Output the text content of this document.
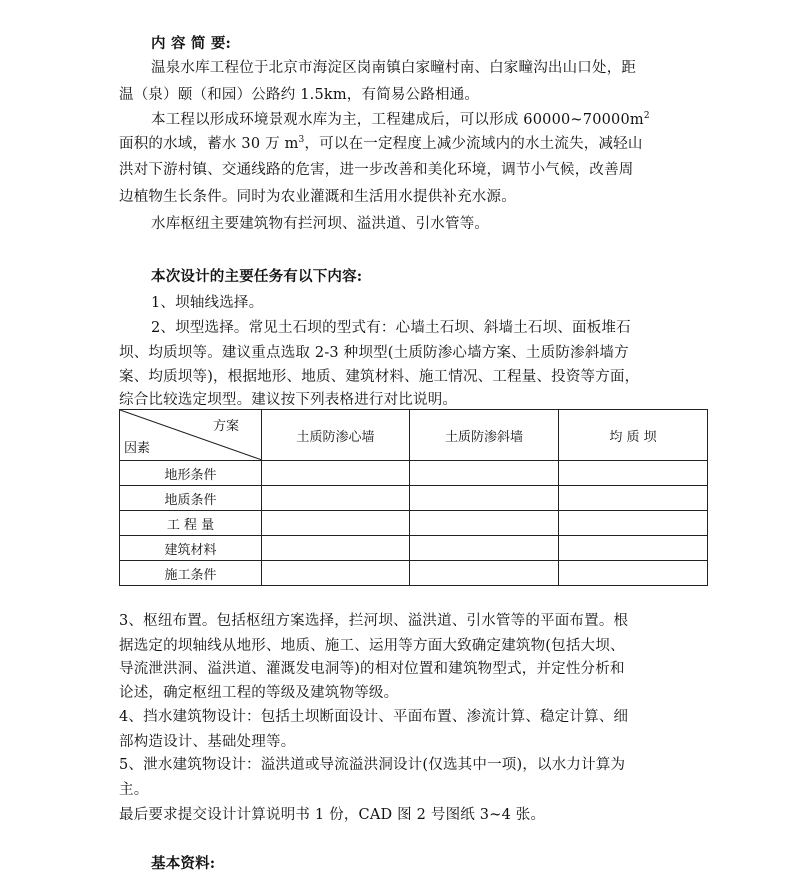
内 容 简 要:
温泉水库工程位于北京市海淀区岗南镇白家疃村南、白家疃沟出山口处，距
温（泉）颐（和园）公路约 1.5km，有简易公路相通。
本工程以形成环境景观水库为主，工程建成后，可以形成 $60000\sim 70000m^2$
面积的水域，蓄水 30 万 $m^3$，可以在一定程度上减少流域内的水土流失，减轻山
洪对下游村镇、交通线路的危害，进一步改善和美化环境，调节小气候，改善周
边植物生长条件。同时为农业灌溉和生活用水提供补充水源。
水库枢纽主要建筑物有拦河坝、溢洪道、引水管等。
本次设计的主要任务有以下内容:
1、坝轴线选择。
2、坝型选择。常见土石坝的型式有：心墙土石坝、斜墙土石坝、面板堆石
坝、均质坝等。建议重点选取 2-3 种坝型(土质防渗心墙方案、土质防渗斜墙方
案、均质坝等)，根据地形、地质、建筑材料、施工情况、工程量、投资等方面，
综合比较选定坝型。建议按下列表格进行对比说明。
方案
因素	土质防渗心墙	土质防渗斜墙	均 质 坝
地形条件			
地质条件			
工 程 量			
建筑材料			
施工条件			
3、枢纽布置。包括枢纽方案选择，拦河坝、溢洪道、引水管等的平面布置。根
据选定的坝轴线从地形、地质、施工、运用等方面大致确定建筑物(包括大坝、
导流泄洪洞、溢洪道、灌溉发电洞等)的相对位置和建筑物型式，并定性分析和
论述，确定枢纽工程的等级及建筑物等级。
4、挡水建筑物设计：包括土坝断面设计、平面布置、渗流计算、稳定计算、细
部构造设计、基础处理等。
5、泄水建筑物设计：溢洪道或导流溢洪洞设计(仅选其中一项)，以水力计算为
主。
最后要求提交设计计算说明书 1 份，CAD 图 2 号图纸 3~4 张。
基本资料:
